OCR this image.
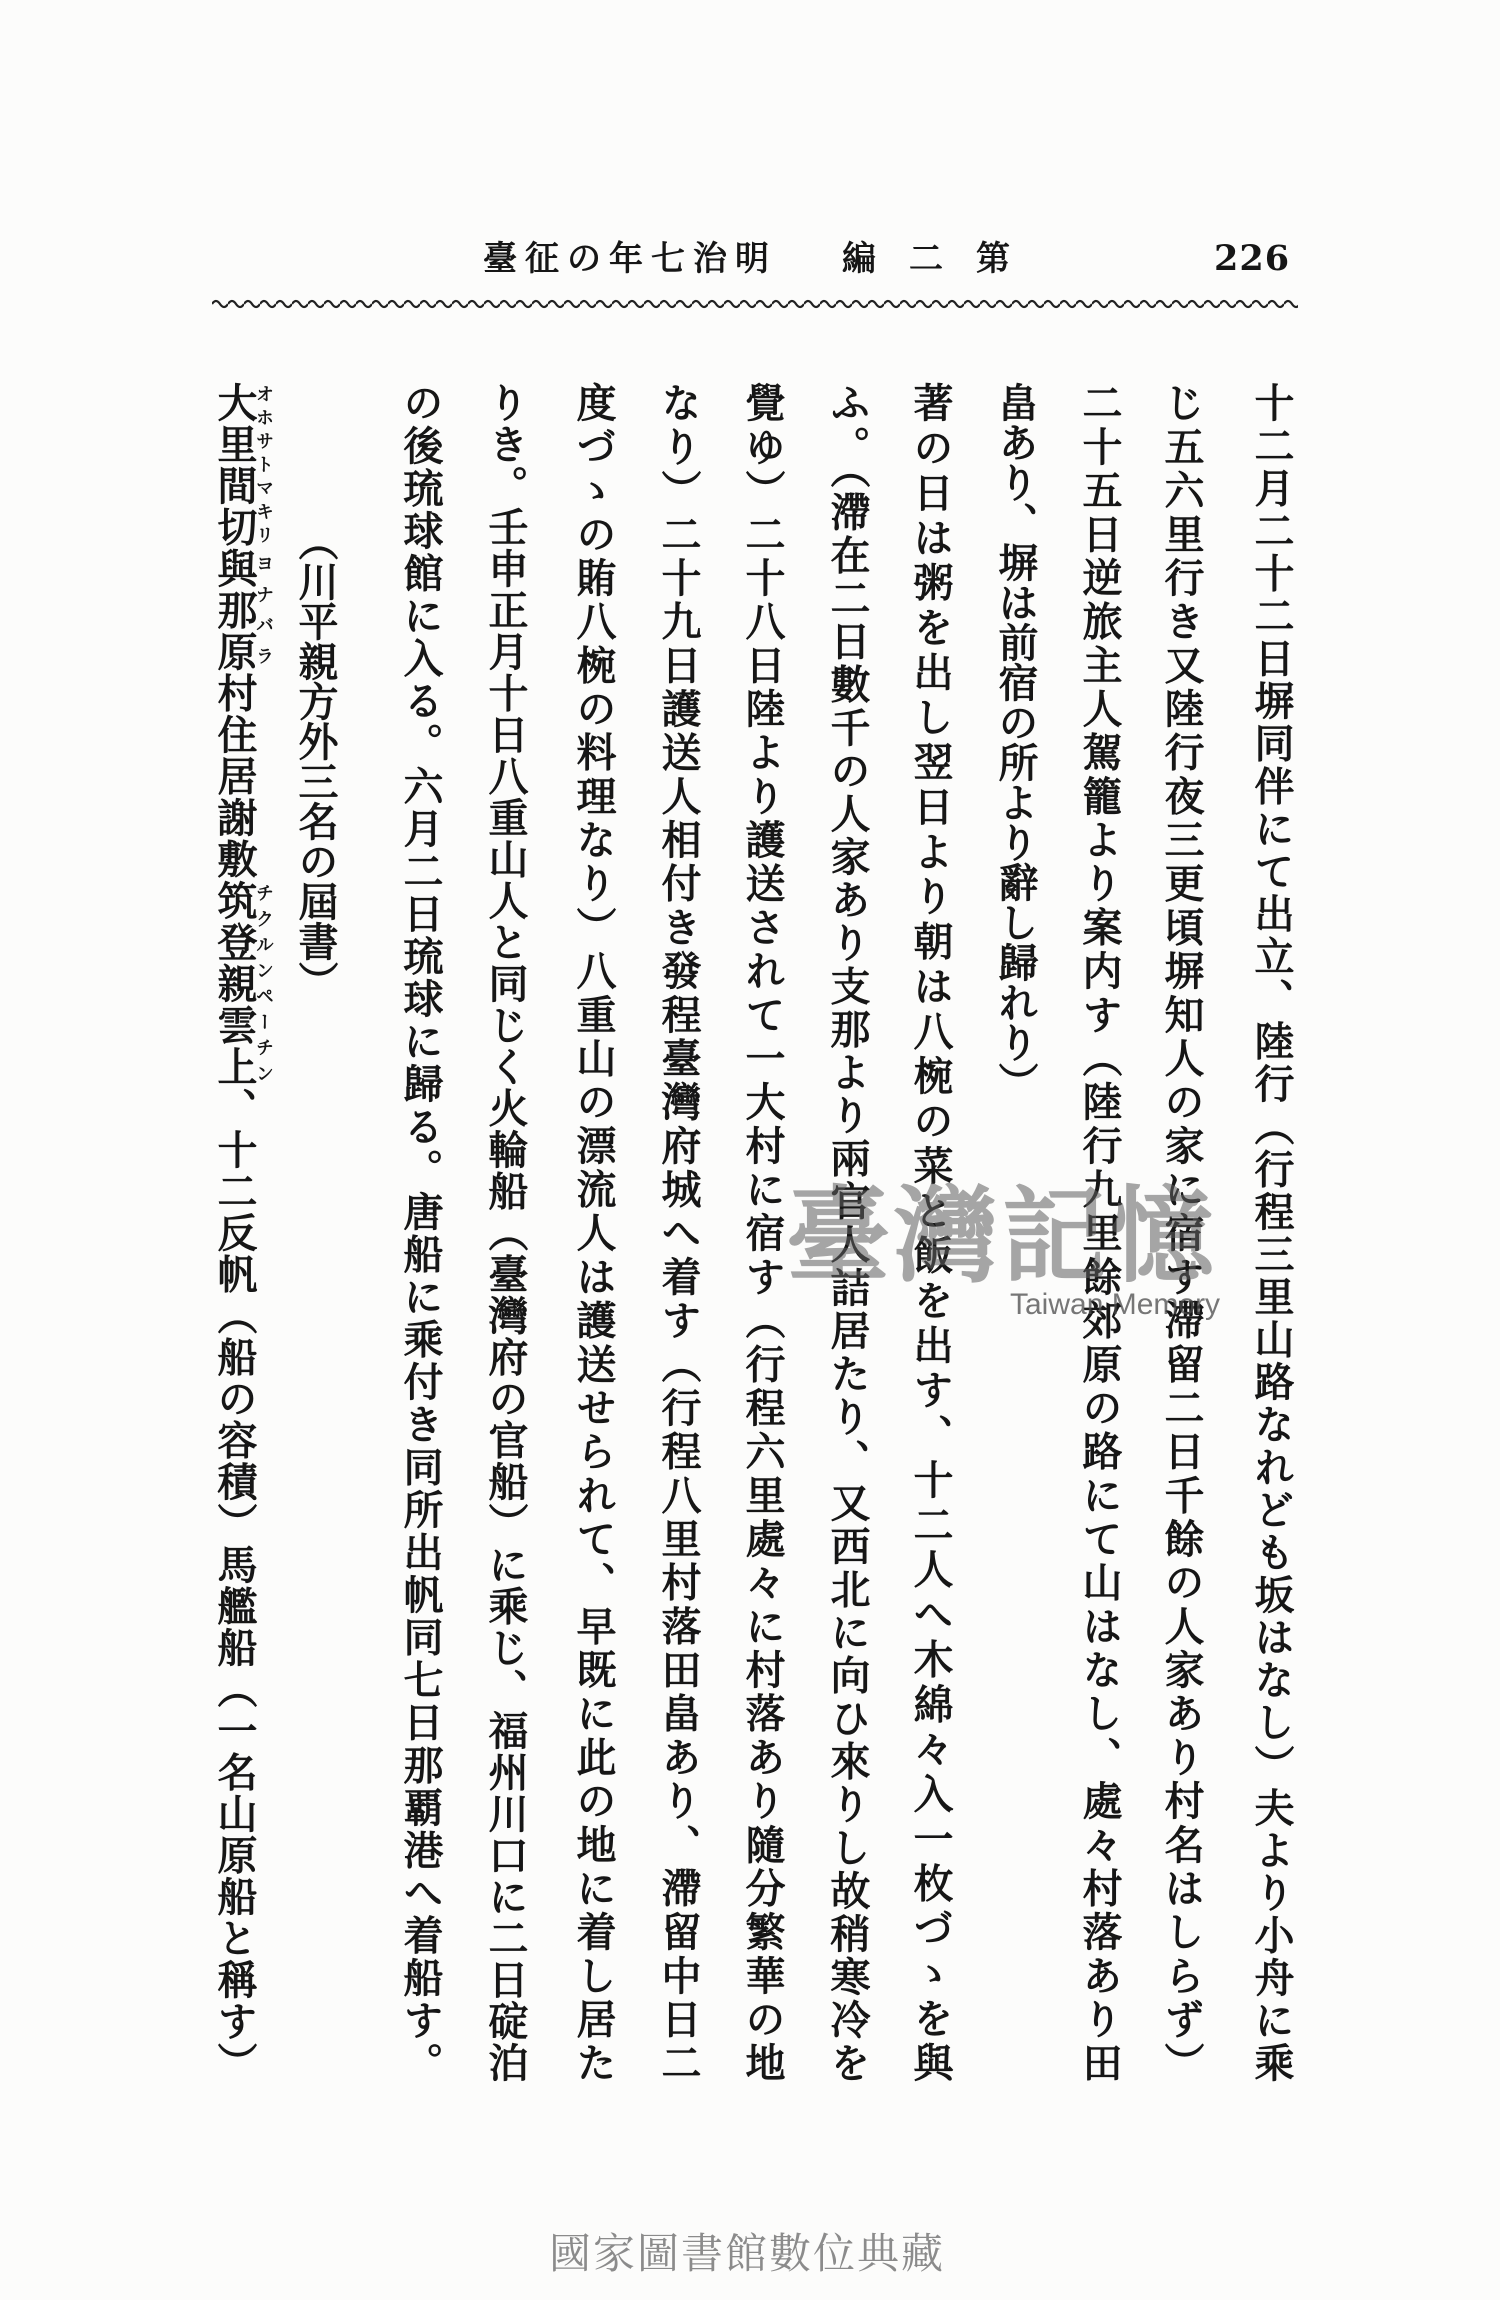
臺征の年七治明 編二第	226
十二月二十二日塀同伴にて出立、陸行（行程三里山路なれども坂はなし）夫より小舟に乘
じ五六里行き又陸行夜三更頃塀知人の家に宿す滯留二日千餘の人家あり村名はしらず）
二十五日逆旅主人駕籠より案内す（陸行九里餘郊原の路にて山はなし、處々村落あり田
畠あり、塀は前宿の所より辭し歸れり）
著の日は粥を出し翌日より朝は八椀の菜と飯を出す、十二人へ木綿々入一枚づゝを與
ふ。（滯在二日數千の人家あり支那より兩官人詰居たり、又西北に向ひ來りし故稍寒冷を
覺ゆ）二十八日陸より護送されて一大村に宿す（行程六里處々に村落あり隨分繁華の地
なり）二十九日護送人相付き發程臺灣府城へ着す（行程八里村落田畠あり、滯留中日二
度づゝの賄八椀の料理なり）八重山の漂流人は護送せられて、早既に此の地に着し居た
りき。壬申正月十日八重山人と同じく火輪船（臺灣府の官船）に乘じ、福州川口に二日碇泊
の後琉球館に入る。六月二日琉球に歸る。唐船に乘付き同所出帆同七日那覇港へ着船す。
（川平親方外三名の屆書）
大里間切オホサトマキリ與那原ヨナバラ村住居謝敷筑登親雲上チクルンペーチン、十二反帆（船の容積）馬艦船（一名山原船と稱す）	臺灣記憶
Taiwan Memory
國家圖書館數位典藏
